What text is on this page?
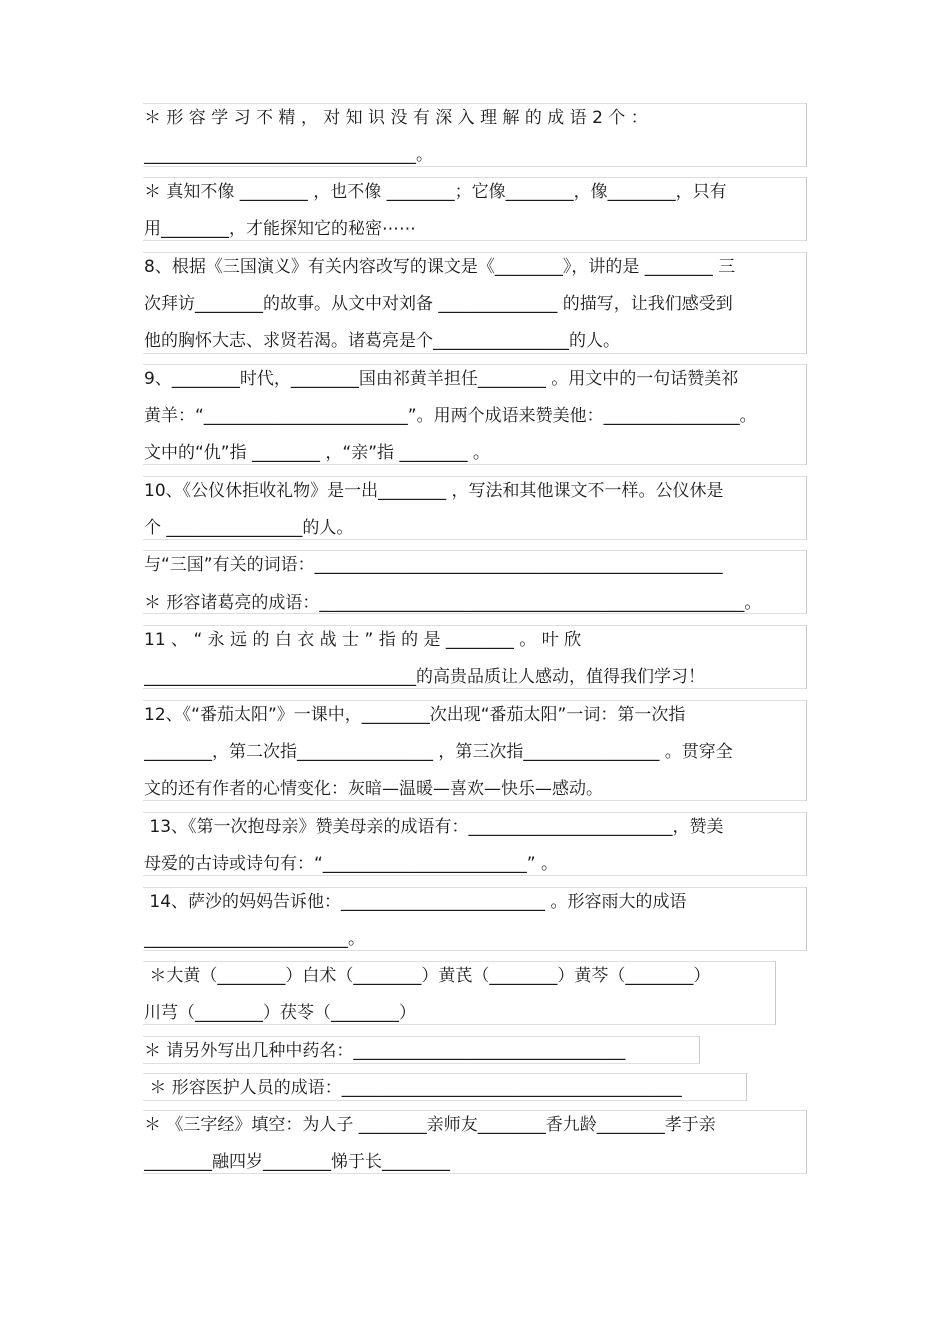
＊ 形 容 学 习 不 精 ， 对 知 识 没 有 深 入 理 解 的 成 语 2 个 ：
________________________________。
＊ 真知不像 ________ ，也不像 ________；它像________，像________，只有
用________，才能探知它的秘密⋯⋯
8、根据《三国演义》有关内容改写的课文是《________》，讲的是 ________ 三
次拜访________的故事。从文中对刘备 ______________ 的描写，让我们感受到
他的胸怀大志、求贤若渴。诸葛亮是个________________的人。
9、________时代，________国由祁黄羊担任________ 。用文中的一句话赞美祁
黄羊：“________________________”。用两个成语来赞美他：________________。
文中的“仇”指 ________ ，“亲”指 ________ 。
10、《公仪休拒收礼物》是一出________ ，写法和其他课文不一样。公仪休是
个 ________________的人。
与“三国”有关的词语：________________________________________________
＊ 形容诸葛亮的成语：__________________________________________________。
11 、 “ 永 远 的 白 衣 战 士 ” 指 的 是 ________ 。 叶 欣
________________________________的高贵品质让人感动，值得我们学习！
12、《“番茄太阳”》一课中，________次出现“番茄太阳”一词：第一次指
________，第二次指________________ ，第三次指________________ 。贯穿全
文的还有作者的心情变化：灰暗—温暖—喜欢—快乐—感动。
13、《第一次抱母亲》赞美母亲的成语有：________________________，赞美
母爱的古诗或诗句有：“________________________” 。
14、萨沙的妈妈告诉他：________________________ 。形容雨大的成语
________________________。
＊大黄（________）白术（________）黄芪（________）黄芩（________）
川芎（________）茯苓（________）
＊ 请另外写出几种中药名：________________________________
＊ 形容医护人员的成语：________________________________________
＊ 《三字经》填空：为人子 ________亲师友________香九龄________孝于亲
________融四岁________悌于长________
